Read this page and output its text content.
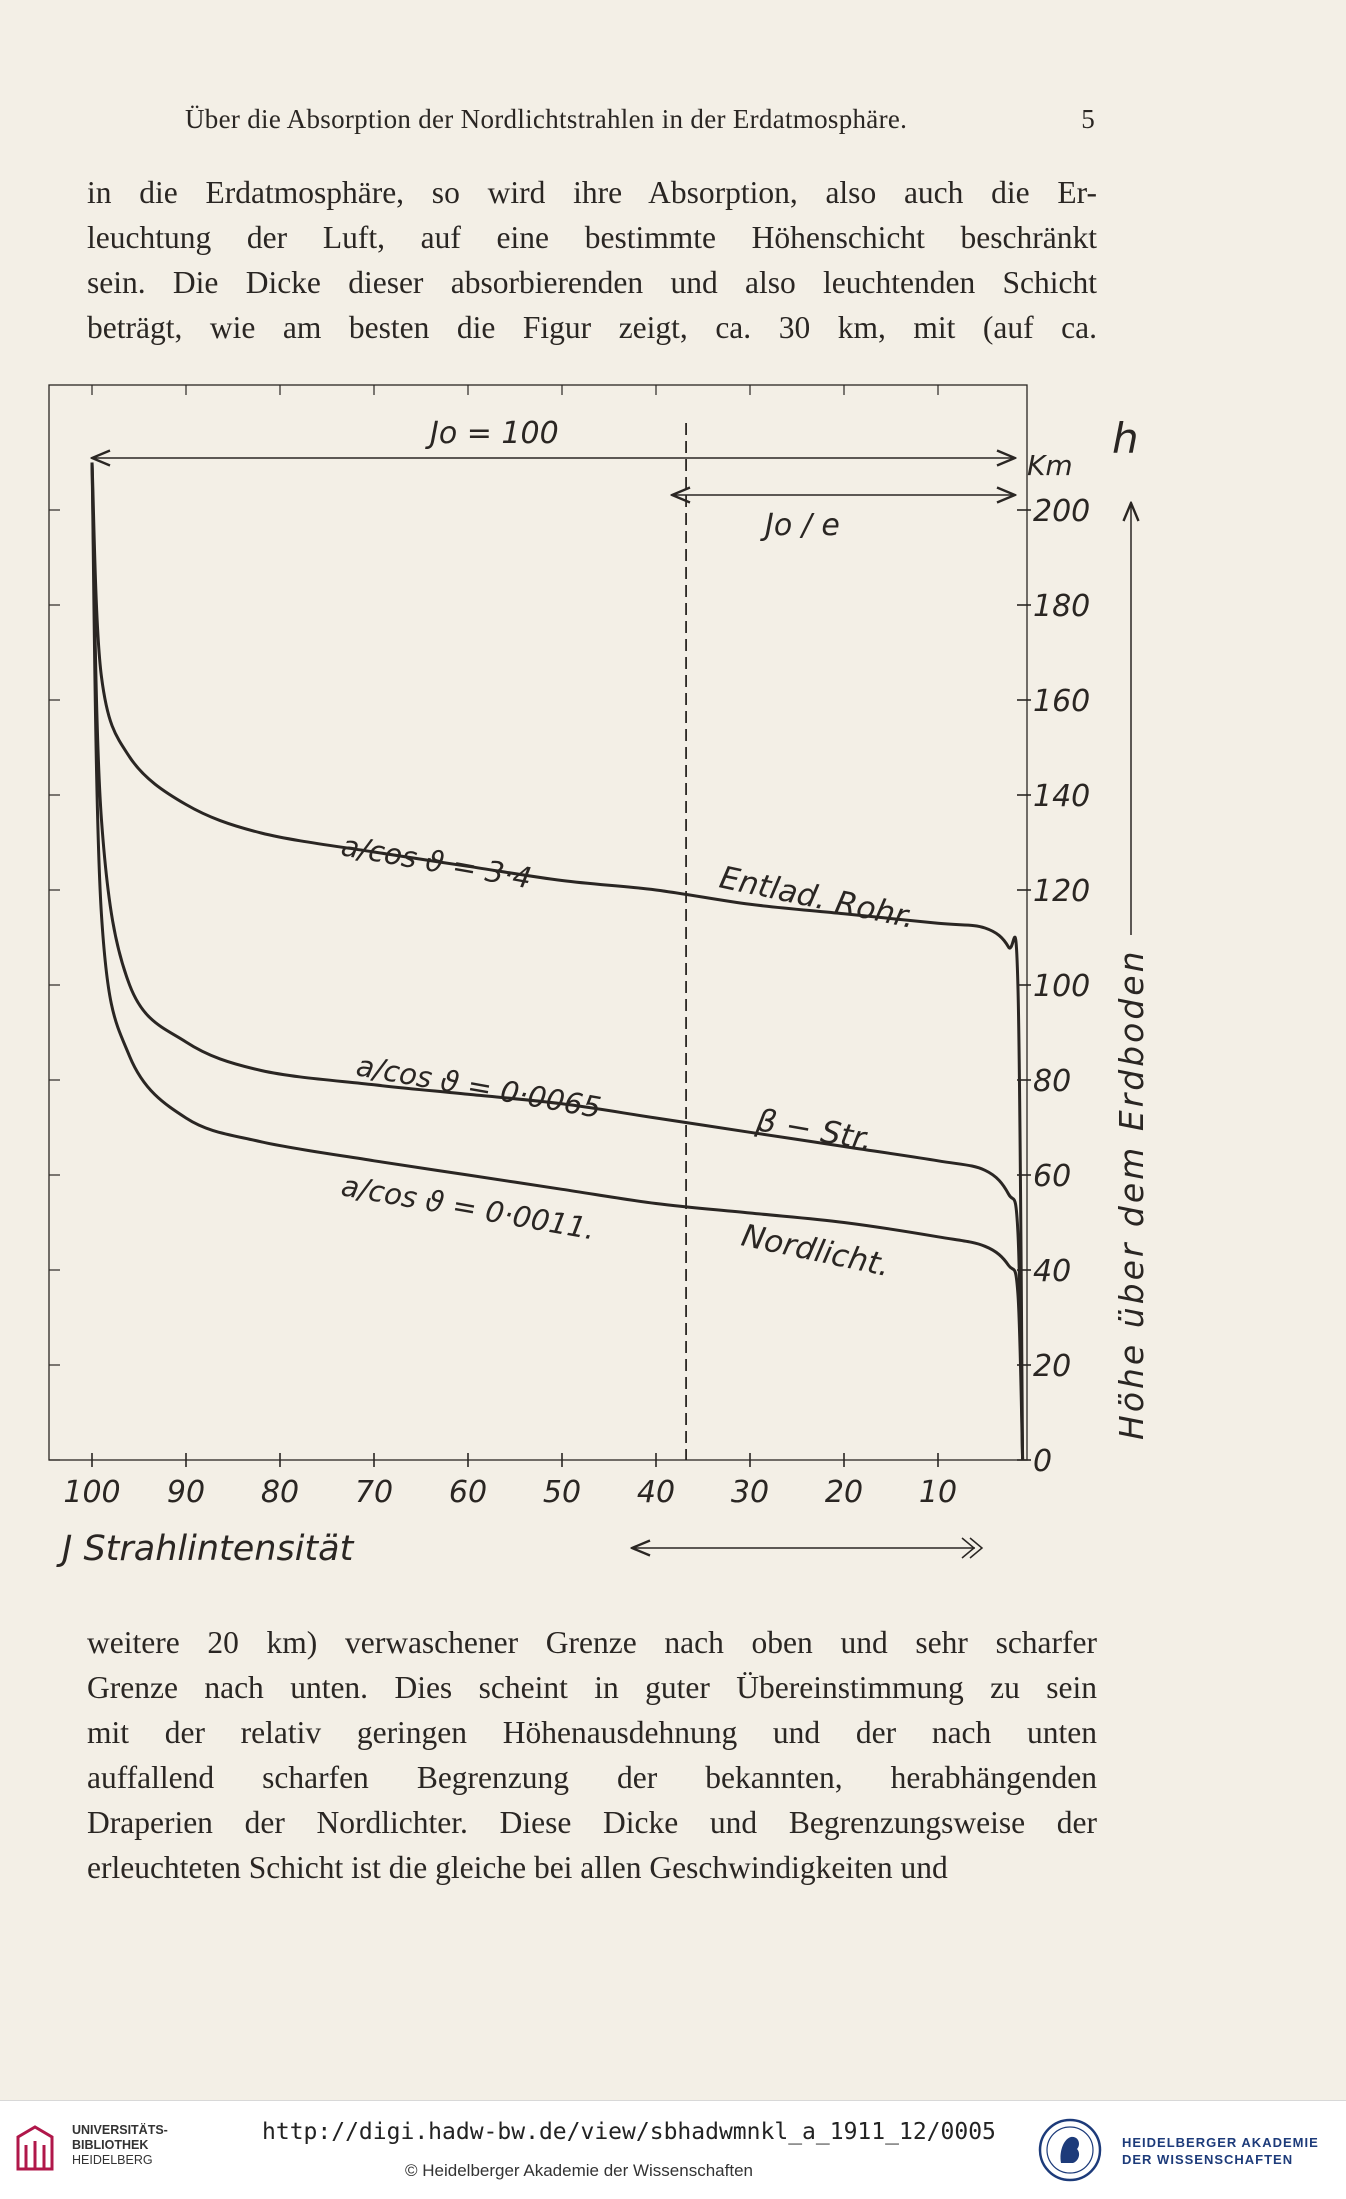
Über die Absorption der Nordlichtstrahlen in der Erdatmosphäre.	5
in die Erdatmosphäre, so wird ihre Absorption, also auch die Er-
leuchtung der Luft, auf eine bestimmte Höhenschicht beschränkt
sein. Die Dicke dieser absorbierenden und also leuchtenden Schicht
beträgt, wie am besten die Figur zeigt, ca. 30 km, mit (auf ca.
100 90 80 70 60 50 40 30 20 10
0
20
40
60
80
100
120
140
160
180
200
Jo = 100
Jo / e
Km
h
Höhe über dem Erdboden
a/cos ϑ = 3·4	Entlad. Rohr.
a/cos ϑ = 0·0065
β − Str.
a/cos ϑ = 0·0011.
Nordlicht.
J Strahlintensität
weitere 20 km) verwaschener Grenze nach oben und sehr scharfer
Grenze nach unten. Dies scheint in guter Übereinstimmung zu sein
mit der relativ geringen Höhenausdehnung und der nach unten
auffallend scharfen Begrenzung der bekannten, herabhängenden
Draperien der Nordlichter. Diese Dicke und Begrenzungsweise der
erleuchteten Schicht ist die gleiche bei allen Geschwindigkeiten und
UNIVERSITÄTS-
BIBLIOTHEK
HEIDELBERG
http://digi.hadw-bw.de/view/sbhadwmnkl_a_1911_12/0005
© Heidelberger Akademie der Wissenschaften
HEIDELBERGER AKADEMIE
DER WISSENSCHAFTEN
